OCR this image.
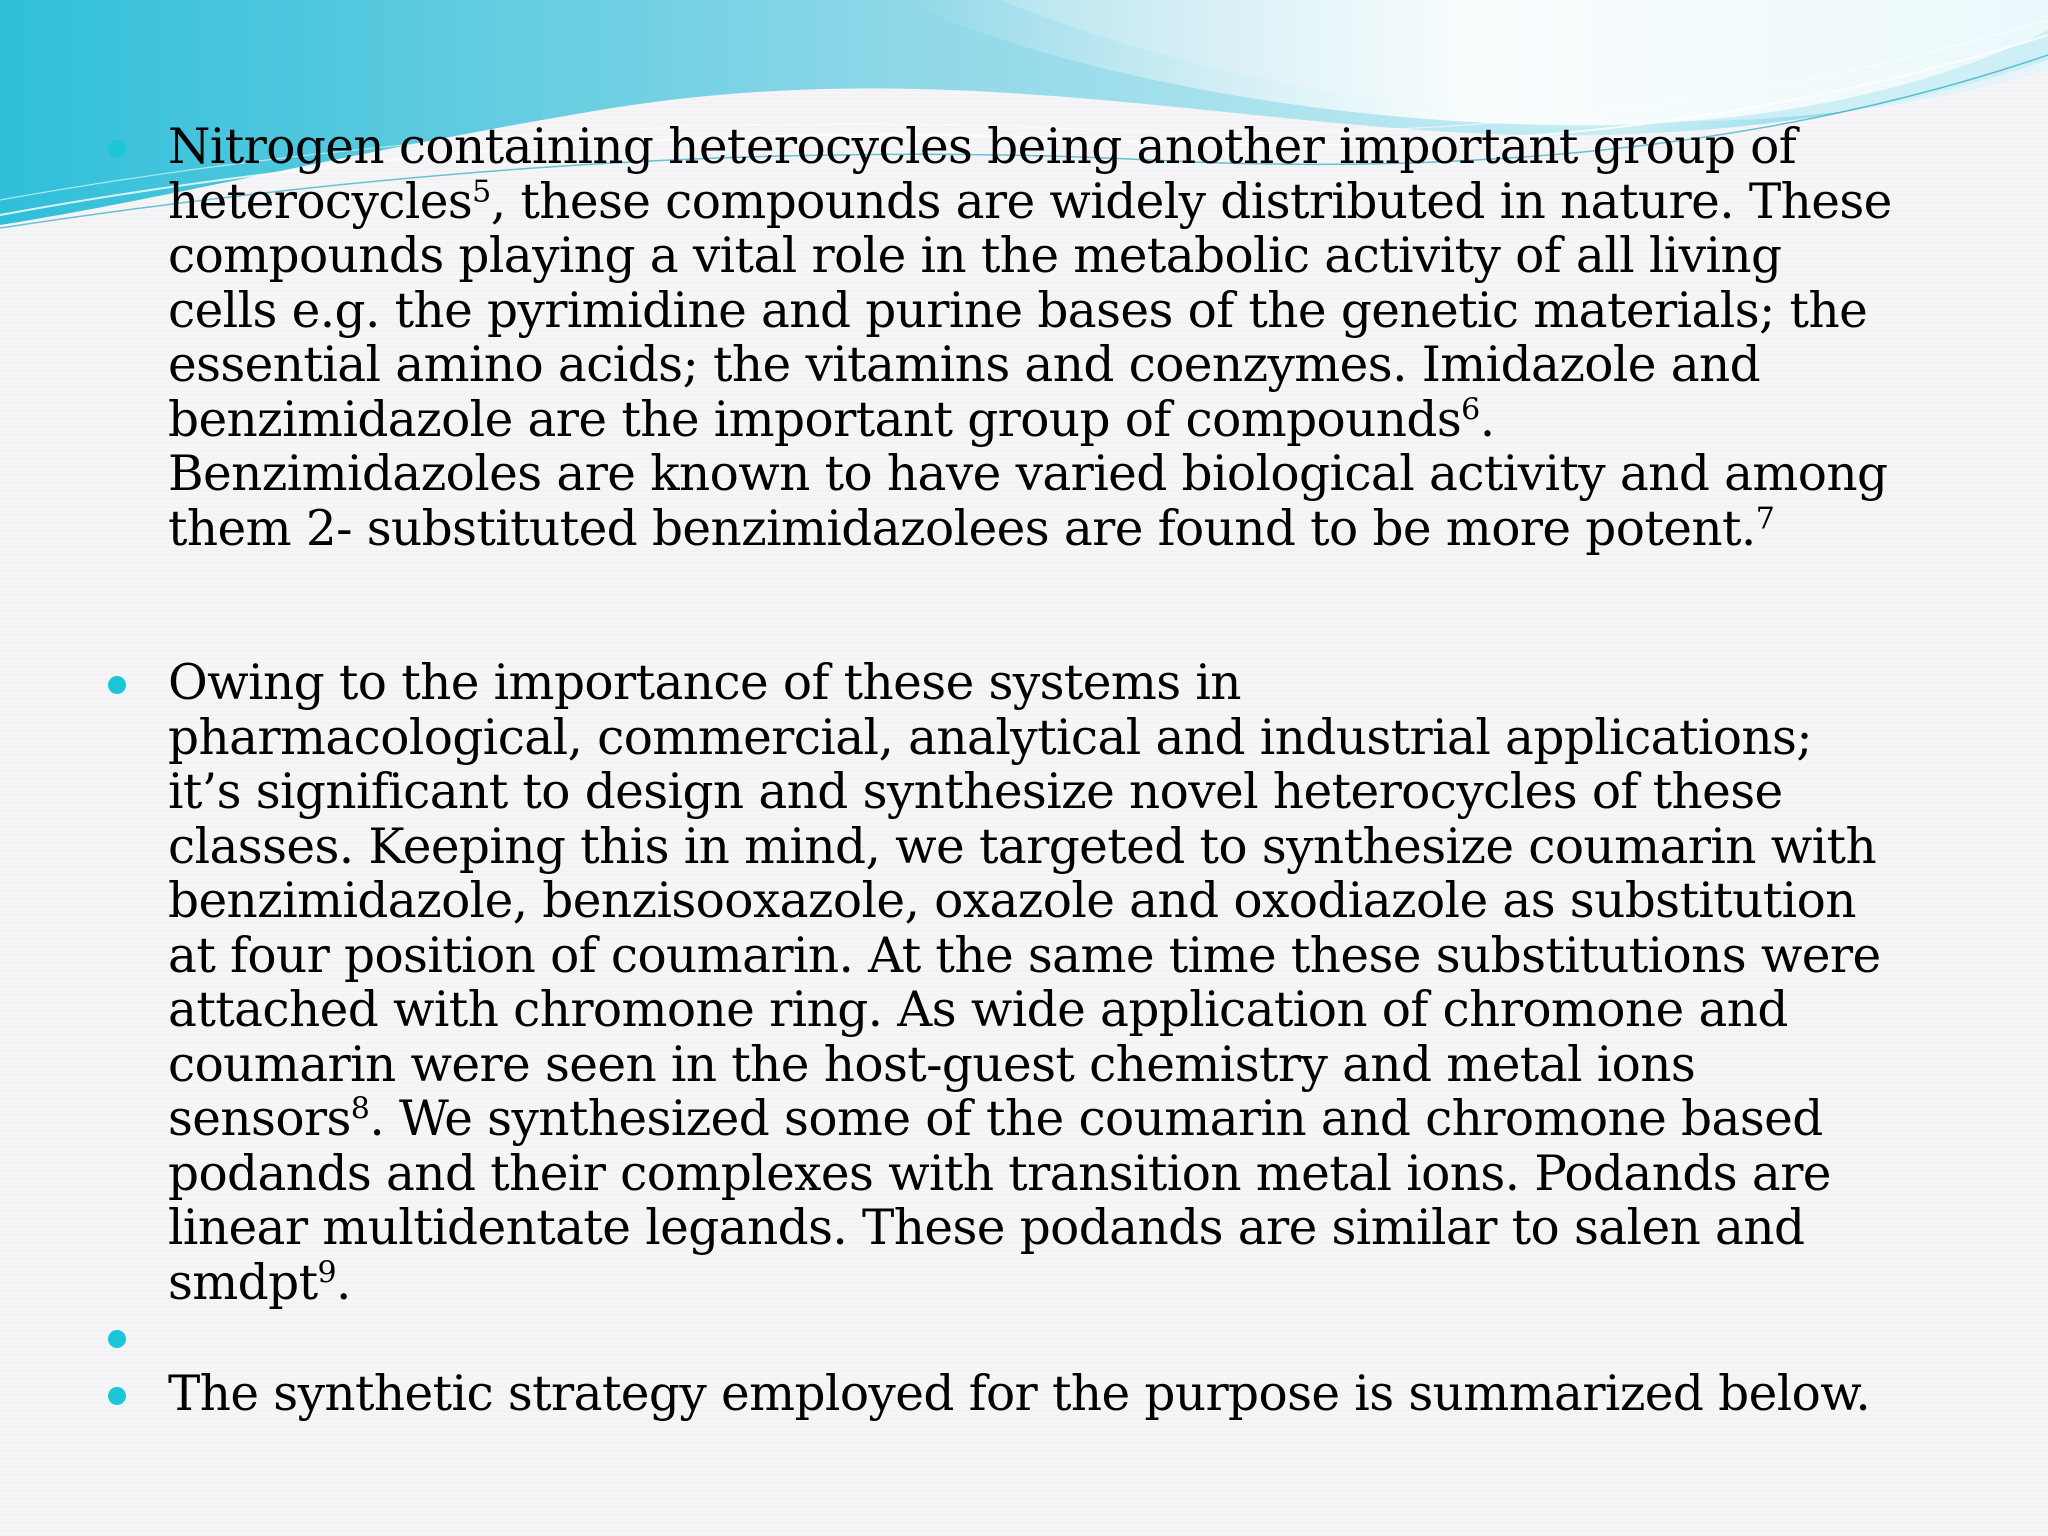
Nitrogen containing heterocycles being another important group of
heterocycles$^5$, these compounds are widely distributed in nature. These
compounds playing a vital role in the metabolic activity of all living
cells e.g. the pyrimidine and purine bases of the genetic materials; the
essential amino acids; the vitamins and coenzymes. Imidazole and
benzimidazole are the important group of compounds$^6$.
Benzimidazoles are known to have varied biological activity and among
them 2- substituted benzimidazolees are found to be more potent.$^7$
Owing to the importance of these systems in
pharmacological, commercial, analytical and industrial applications;
it’s significant to design and synthesize novel heterocycles of these
classes. Keeping this in mind, we targeted to synthesize coumarin with
benzimidazole, benzisooxazole, oxazole and oxodiazole as substitution
at four position of coumarin. At the same time these substitutions were
attached with chromone ring. As wide application of chromone and
coumarin were seen in the host-guest chemistry and metal ions
sensors$^8$. We synthesized some of the coumarin and chromone based
podands and their complexes with transition metal ions. Podands are
linear multidentate legands. These podands are similar to salen and
smdpt$^9$.
The synthetic strategy employed for the purpose is summarized below.
